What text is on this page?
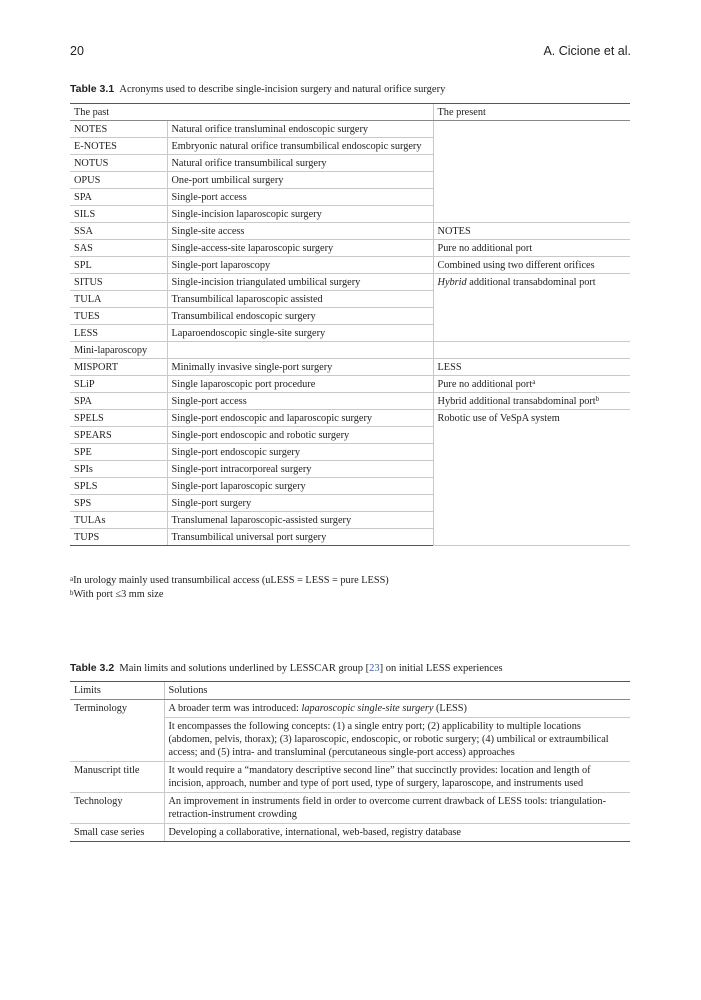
20	A. Cicione et al.
Table 3.1 Acronyms used to describe single-incision surgery and natural orifice surgery
The past		The present
NOTES	Natural orifice transluminal endoscopic surgery	
E-NOTES	Embryonic natural orifice transumbilical endoscopic surgery	
NOTUS	Natural orifice transumbilical surgery	
OPUS	One-port umbilical surgery	
SPA	Single-port access	
SILS	Single-incision laparoscopic surgery	
SSA	Single-site access	NOTES
SAS	Single-access-site laparoscopic surgery	Pure no additional port
SPL	Single-port laparoscopy	Combined using two different orifices
SITUS	Single-incision triangulated umbilical surgery	Hybrid additional transabdominal port
TULA	Transumbilical laparoscopic assisted	
TUES	Transumbilical endoscopic surgery	
LESS	Laparoendoscopic single-site surgery	
Mini-laparoscopy		
MISPORT	Minimally invasive single-port surgery	LESS
SLiP	Single laparoscopic port procedure	Pure no additional port$^a$
SPA	Single-port access	Hybrid additional transabdominal port$^b$
SPELS	Single-port endoscopic and laparoscopic surgery	Robotic use of VeSpA system
SPEARS	Single-port endoscopic and robotic surgery	
SPE	Single-port endoscopic surgery	
SPIs	Single-port intracorporeal surgery	
SPLS	Single-port laparoscopic surgery	
SPS	Single-port surgery	
TULAs	Translumenal laparoscopic-assisted surgery	
TUPS	Transumbilical universal port surgery	
$^a$In urology mainly used transumbilical access (uLESS = LESS = pure LESS)
$^b$With port ≤3 mm size
Table 3.2 Main limits and solutions underlined by LESSCAR group [23] on initial LESS experiences
Limits	Solutions
Terminology	A broader term was introduced: laparoscopic single-site surgery (LESS)
	It encompasses the following concepts: (1) a single entry port; (2) applicability to multiple locations (abdomen, pelvis, thorax); (3) laparoscopic, endoscopic, or robotic surgery; (4) umbilical or extraumbilical access; and (5) intra- and transluminal (percutaneous single-port access) approaches
Manuscript title	It would require a “mandatory descriptive second line” that succinctly provides: location and length of incision, approach, number and type of port used, type of surgery, laparoscope, and instruments used
Technology	An improvement in instruments field in order to overcome current drawback of LESS tools: triangulation-retraction-instrument crowding
Small case series	Developing a collaborative, international, web-based, registry database
